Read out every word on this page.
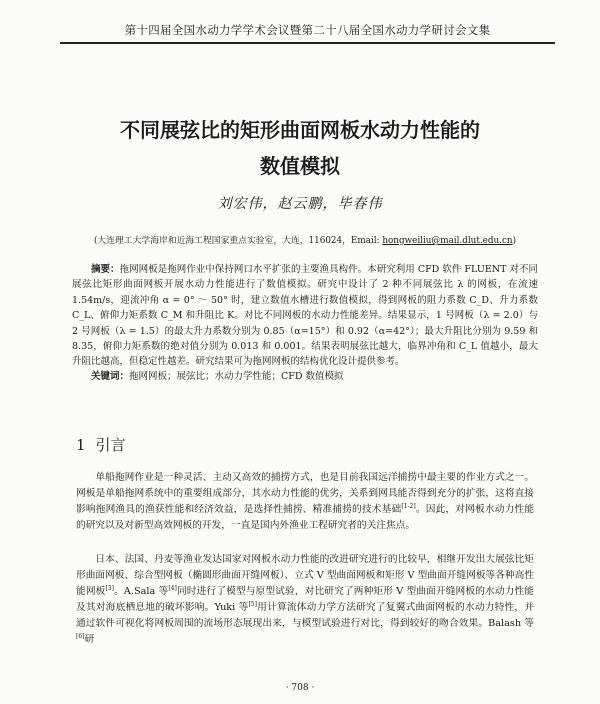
第十四届全国水动力学学术会议暨第二十八届全国水动力学研讨会文集
不同展弦比的矩形曲面网板水动力性能的
数值模拟
刘宏伟，赵云鹏，毕春伟
(大连理工大学海岸和近海工程国家重点实验室，大连，116024，Email: hongweiliu@mail.dlut.edu.cn)

摘要：拖网网板是拖网作业中保持网口水平扩张的主要渔具构件。本研究利用 CFD 软件 FLUENT 对不同展弦比矩形曲面网板开展水动力性能进行了数值模拟。研究中设计了 2 种不同展弦比 λ 的网板，在流速 1.54m/s，迎流冲角 α = 0° ～ 50° 时，建立数值水槽进行数值模拟，得到网板的阻力系数 C_D、升力系数 C_L、俯仰力矩系数 C_M 和升阻比 K。对比不同网板的水动力性能差异。结果显示，1 号网板（λ = 2.0）与 2 号网板（λ = 1.5）的最大升力系数分别为 0.85（α=15°）和 0.92（α=42°）；最大升阻比分别为 9.59 和 8.35，俯仰力矩系数的绝对值分别为 0.013 和 0.001。结果表明展弦比越大，临界冲角和 C_L 值越小，最大升阻比越高，但稳定性越差。研究结果可为拖网网板的结构优化设计提供参考。

关键词：拖网网板；展弦比；水动力学性能；CFD 数值模拟

1 引言

单船拖网作业是一种灵活、主动又高效的捕捞方式，也是目前我国远洋捕捞中最主要的作业方式之一。网板是单船拖网系统中的重要组成部分，其水动力性能的优劣，关系到网具能否得到充分的扩张，这将直接影响拖网渔具的渔获性能和经济效益，是选择性捕捞、精准捕捞的技术基础[1-2]。因此，对网板水动力性能的研究以及对新型高效网板的开发，一直是国内外渔业工程研究者的关注焦点。

日本、法国、丹麦等渔业发达国家对网板水动力性能的改进研究进行的比较早，相继开发出大展弦比矩形曲面网板、综合型网板（椭圆形曲面开缝网板）、立式 V 型曲面网板和矩形 V 型曲面开缝网板等各种高性能网板[3]。A.Sala 等[4]同时进行了模型与原型试验，对比研究了两种矩形 V 型曲面开缝网板的水动力性能及其对海底栖息地的破坏影响。Yuki 等[5]用计算流体动力学方法研究了复翼式曲面网板的水动力特性，并通过软件可视化将网板周围的流场形态展现出来，与模型试验进行对比，得到较好的吻合效果。Balash 等[6]研

· 708 ·
